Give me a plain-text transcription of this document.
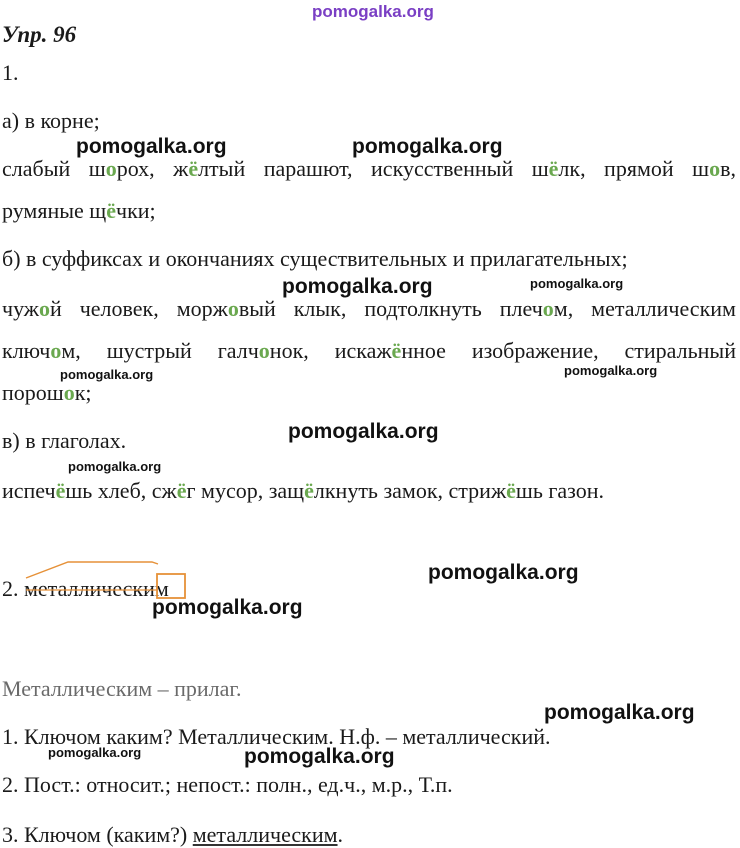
pomogalka.org
pomogalka.org	pomogalka.org
pomogalka.org	pomogalka.org
pomogalka.org	pomogalka.org
pomogalka.org
pomogalka.org
pomogalka.org
pomogalka.org
pomogalka.org
pomogalka.org	pomogalka.org
Упр. 96
1.
а) в корне;
слабый шорох, жёлтый парашют, искусственный шёлк, прямой шов,
румяные щёчки;
б) в суффиксах и окончаниях существительных и прилагательных;
чужой человек, моржовый клык, подтолкнуть плечом, металлическим
ключом, шустрый галчонок, искажённое изображение, стиральный
порошок;
в) в глаголах.
испечёшь хлеб, сжёг мусор, защёлкнуть замок, стрижёшь газон.
2. металлическим
Металлическим – прилаг.
1. Ключом каким? Металлическим. Н.ф. – металлический.
2. Пост.: относит.; непост.: полн., ед.ч., м.р., Т.п.
3. Ключом (каким?) металлическим.
